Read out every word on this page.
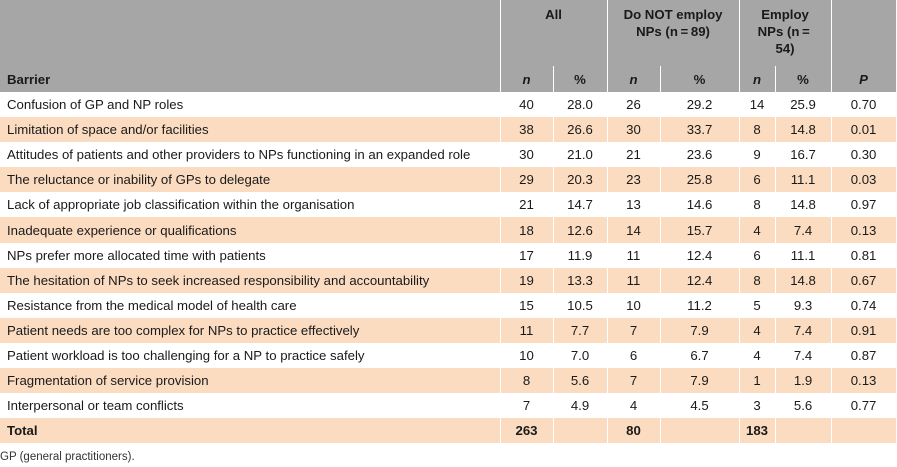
	All		Do NOT employ NPs (n = 89)		Employ NPs (n = 54)		
Barrier	n	%	n	%	n	%	P
Confusion of GP and NP roles	40	28.0	26	29.2	14	25.9	0.70
Limitation of space and/or facilities	38	26.6	30	33.7	8	14.8	0.01
Attitudes of patients and other providers to NPs functioning in an expanded role	30	21.0	21	23.6	9	16.7	0.30
The reluctance or inability of GPs to delegate	29	20.3	23	25.8	6	11.1	0.03
Lack of appropriate job classification within the organisation	21	14.7	13	14.6	8	14.8	0.97
Inadequate experience or qualifications	18	12.6	14	15.7	4	7.4	0.13
NPs prefer more allocated time with patients	17	11.9	11	12.4	6	11.1	0.81
The hesitation of NPs to seek increased responsibility and accountability	19	13.3	11	12.4	8	14.8	0.67
Resistance from the medical model of health care	15	10.5	10	11.2	5	9.3	0.74
Patient needs are too complex for NPs to practice effectively	11	7.7	7	7.9	4	7.4	0.91
Patient workload is too challenging for a NP to practice safely	10	7.0	6	6.7	4	7.4	0.87
Fragmentation of service provision	8	5.6	7	7.9	1	1.9	0.13
Interpersonal or team conflicts	7	4.9	4	4.5	3	5.6	0.77
Total	263		80		183		
GP (general practitioners).
